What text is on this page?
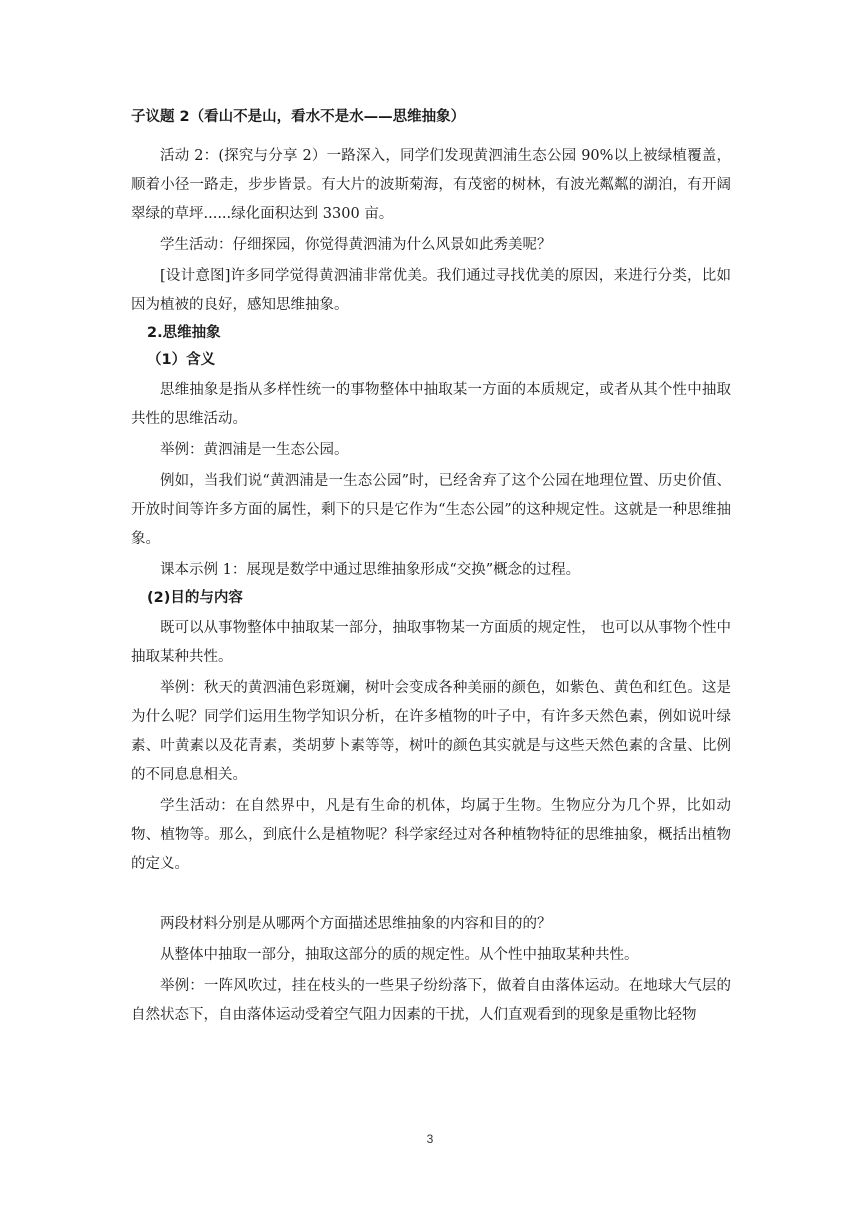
子议题 2（看山不是山，看水不是水——思维抽象）

活动 2：(探究与分享 2）一路深入，同学们发现黄泗浦生态公园 90%以上被绿植覆盖，顺着小径一路走，步步皆景。有大片的波斯菊海，有茂密的树林，有波光粼粼的湖泊，有开阔翠绿的草坪......绿化面积达到 3300 亩。

学生活动：仔细探园，你觉得黄泗浦为什么风景如此秀美呢？

[设计意图]许多同学觉得黄泗浦非常优美。我们通过寻找优美的原因，来进行分类，比如因为植被的良好，感知思维抽象。

2.思维抽象
（1）含义

思维抽象是指从多样性统一的事物整体中抽取某一方面的本质规定，或者从其个性中抽取共性的思维活动。

举例：黄泗浦是一生态公园。

例如，当我们说“黄泗浦是一生态公园”时，已经舍弃了这个公园在地理位置、历史价值、开放时间等许多方面的属性，剩下的只是它作为“生态公园”的这种规定性。这就是一种思维抽象。

课本示例 1：展现是数学中通过思维抽象形成“交换”概念的过程。

(2)目的与内容

既可以从事物整体中抽取某一部分，抽取事物某一方面质的规定性， 也可以从事物个性中抽取某种共性。

举例：秋天的黄泗浦色彩斑斓，树叶会变成各种美丽的颜色，如紫色、黄色和红色。这是为什么呢？同学们运用生物学知识分析，在许多植物的叶子中，有许多天然色素，例如说叶绿素、叶黄素以及花青素，类胡萝卜素等等，树叶的颜色其实就是与这些天然色素的含量、比例的不同息息相关。

学生活动：在自然界中，凡是有生命的机体，均属于生物。生物应分为几个界，比如动物、植物等。那么，到底什么是植物呢？科学家经过对各种植物特征的思维抽象，概括出植物的定义。

两段材料分别是从哪两个方面描述思维抽象的内容和目的的？

从整体中抽取一部分，抽取这部分的质的规定性。从个性中抽取某种共性。

举例：一阵风吹过，挂在枝头的一些果子纷纷落下，做着自由落体运动。在地球大气层的自然状态下，自由落体运动受着空气阻力因素的干扰，人们直观看到的现象是重物比轻物

3
